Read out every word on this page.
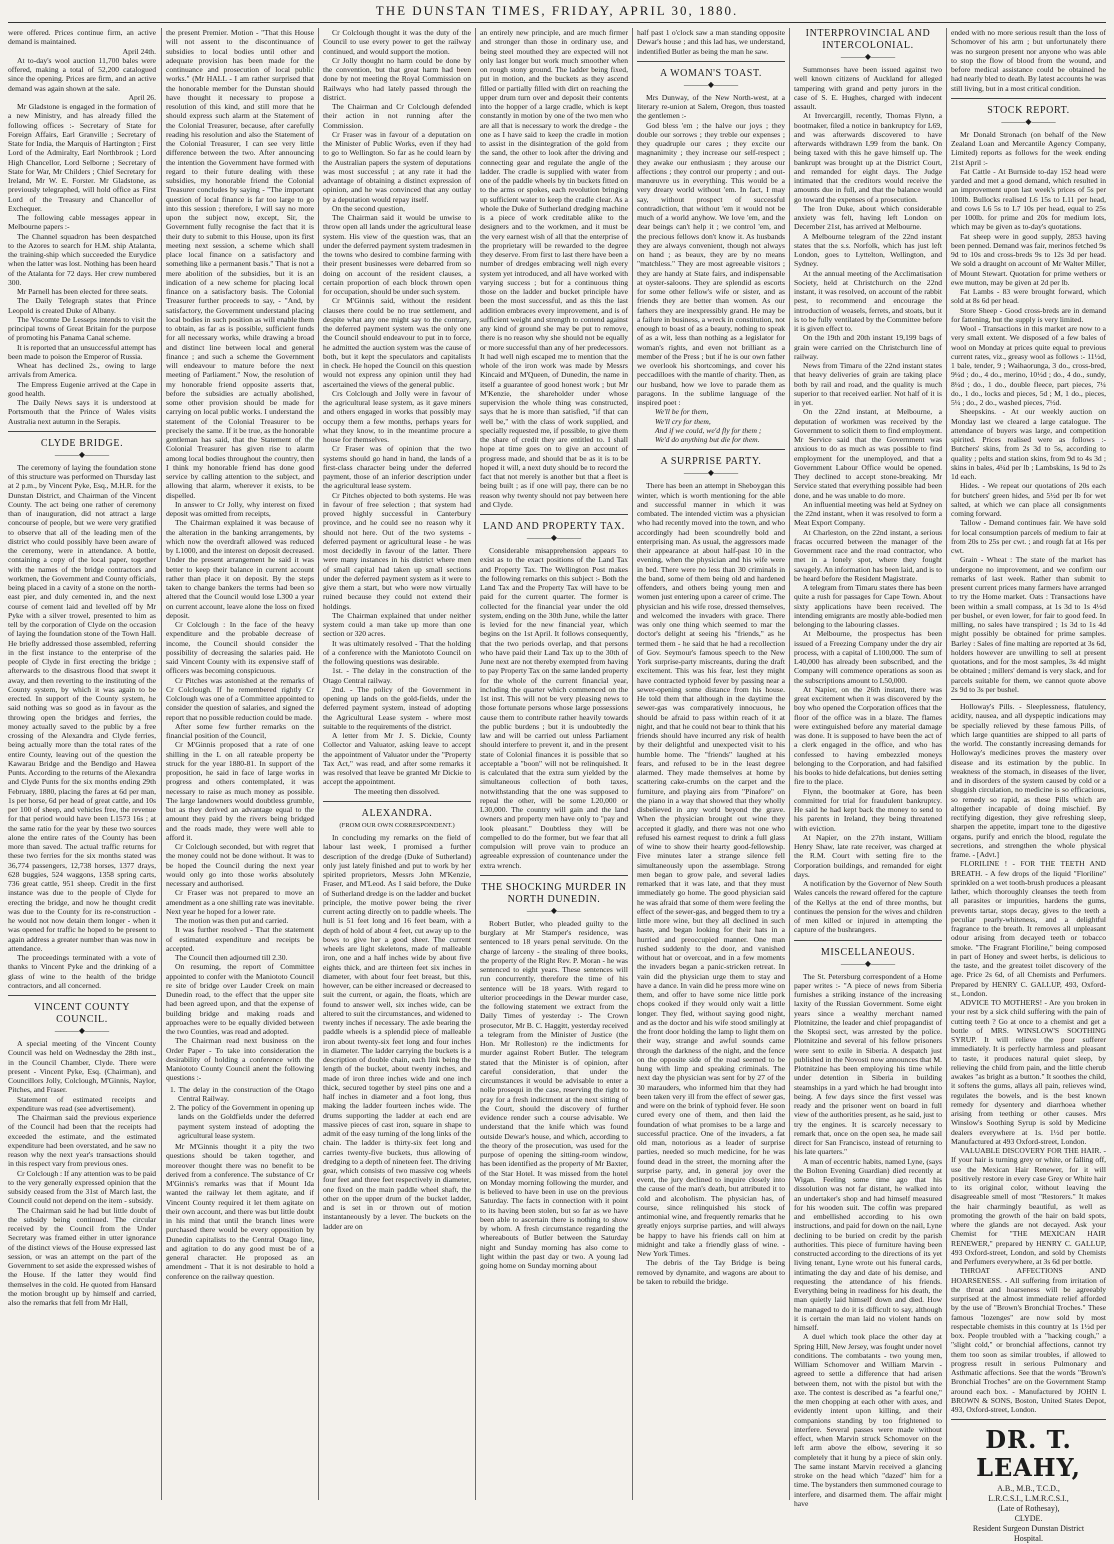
THE DUNSTAN TIMES, FRIDAY, APRIL 30, 1880.

were offered. Prices continue firm, an active demand is maintained.

April 24th.

At to-day's wool auction 11,700 bales were offered, making a total of 52,200 catalogued since the opening. Prices are firm, and an active demand was again shown at the sale.

April 26.

Mr Gladstone is engaged in the formation of a new Ministry, and has already filled the following offices :- Secretary of State for Foreign Affairs, Earl Granville ; Secretary of State for India, the Marquis of Hartington ; First Lord of the Admiralty, Earl Northbrook ; Lord High Chancellor, Lord Selborne ; Secretary of State for War, Mr Childers ; Chief Secretary for Ireland, Mr W. E. Forster. Mr Gladstone, as previously telegraphed, will hold office as First Lord of the Treasury and Chancellor of Exchequer.

The following cable messages appear in Melbourne papers :-

The Channel squadron has been despatched to the Azores to search for H.M. ship Atalanta, the training-ship which succeeded the Eurydice when the latter was lost. Nothing has been heard of the Atalanta for 72 days. Her crew numbered 300.

Mr Parnell has been elected for three seats.

The Daily Telegraph states that Prince Leopold is created Duke of Albany.

The Viscomte De Lesseps intends to visit the principal towns of Great Britain for the purpose of promoting his Panama Canal scheme.

It is reported that an unsuccessful attempt has been made to poison the Emperor of Russia.

Wheat has declined 2s., owing to large arrivals from America.

The Empress Eugenie arrived at the Cape in good health.

The Daily News says it is understood at Portsmouth that the Prince of Wales visits Australia next autumn in the Serapis.

CLYDE BRIDGE.
———◆———

The ceremony of laying the foundation stone of this structure was performed on Thursday last at 2 p.m., by Vincent Pyke, Esq., M.H.R. for the Dunstan District, and Chairman of the Vincent County. The act being one rather of ceremony than of inauguration, did not attract a large concourse of people, but we were very gratified to observe that all of the leading men of the district who could possibly have been aware of the ceremony, were in attendance. A bottle, containing a copy of the local paper, together with the names of the bridge contractors and workmen, the Government and County officials, being placed in a cavity of a stone on the north-east pier, and duly cemented in, and the next course of cement laid and levelled off by Mr Pyke with a silver trowel, presented to him as tell by the corporation of Clyde on the occasion of laying the foundation stone of the Town Hall. He briefly addressed those assembled, referring in the first instance to the enterprise of the people of Clyde in first erecting the bridge ; afterwards to the disastrous flood that swept it away, and then reverting to the instituting of the County system, by which it was again to be erected. In support of the County system, he said nothing was so good as in favour as the throwing open the bridges and ferries, the money actually saved to the public by a free crossing of the Alexandra and Clyde ferries, being actually more than the total rates of the entire County, leaving out of the question the Kawarau Bridge and the Bendigo and Hawea Punts. According to the returns of the Alexandra and Clyde Punts for the six months ending 29th February, 1880, placing the fares at 6d per man, 1s per horse, 6d per head of great cattle, and 10s per 100 of sheep, and vehicles free, the revenue for that period would have been L1573 16s ; at the same ratio for the year by these two sources alone the entire rates of the County has been more than saved. The actual traffic returns for these two ferries for the six months stated was 36,774 passengers, 12,738 horses, 1377 drays, 628 buggies, 524 waggons, 1358 spring carts, 736 great cattle, 951 sheep. Credit in the first instance was due to the people of Clyde for erecting the bridge, and now he thought credit was due to the County for its re-construction - he would not now detain them longer - when it was opened for traffic he hoped to be present to again address a greater number than was now in attendance.

The proceedings terminated with a vote of thanks to Vincent Pyke and the drinking of a glass of wine to the health of the bridge contractors, and all concerned.

VINCENT COUNTY COUNCIL.
———◆———

A special meeting of the Vincent County Council was held on Wednesday the 28th inst., in the Council Chamber, Clyde. There were present - Vincent Pyke, Esq. (Chairman), and Councillors Jolly, Colclough, M'Ginnis, Naylor, Pitches, and Fraser.

Statement of estimated receipts and expenditure was read (see advertisement).

The Chairman said the previous experience of the Council had been that the receipts had exceeded the estimate, and the estimated expenditure had been overstated, and he saw no reason why the next year's transactions should in this respect vary from previous ones.

Cr Colclough : If any attention was to be paid to the very generally expressed opinion that the subsidy ceased from the 31st of March last, the Council could not depend on the item - subsidy.

The Chairman said he had but little doubt of the subsidy being continued. The circular received by the Council from the Under Secretary was framed either in utter ignorance of the distinct views of the House expressed last session, or was an attempt on the part of the Government to set aside the expressed wishes of the House. If the latter they would find themselves in the cold. He quoted from Hansard the motion brought up by himself and carried, also the remarks that fell from Mr Hall,

the present Premier. Motion - "That this House will not assent to the discontinuance of subsidies to local bodies until other and adequate provision has been made for the continuance and prosecution of local public works." (Mr HALL - I am rather surprised that the honorable member for the Dunstan should have thought it necessary to propose a resolution of this kind, and still more that he should express such alarm at the Statement of the Colonial Treasurer, because, after carefully reading his resolution and also the Statement of the Colonial Treasurer, I can see very little difference between the two. After announcing the intention the Government have formed with regard to their future dealing with these subsidies, my honorable friend the Colonial Treasurer concludes by saying - "The important question of local finance is far too large to go into this session ; therefore, I will say no more upon the subject now, except, Sir, the Government fully recognise the fact that it is their duty to submit to this House, upon its first meeting next session, a scheme which shall place local finance on a satisfactory and something like a permanent basis." That is not a mere abolition of the subsidies, but it is an indication of a new scheme for placing local finance on a satisfactory basis. The Colonial Treasurer further proceeds to say, - "And, by satisfactory, the Government understand placing local bodies in such position as will enable them to obtain, as far as is possible, sufficient funds for all necessary works, while drawing a broad and distinct line between local and general finance ; and such a scheme the Government will endeavour to mature before the next meeting of Parliament." Now, the resolution of my honorable friend opposite asserts that, before the subsidies are actually abolished, some other provision should be made for carrying on local public works. I understand the statement of the Colonial Treasurer to be precisely the same. If it be true, as the honorable gentleman has said, that the Statement of the Colonial Treasurer has given rise to alarm among local bodies throughout the country, then I think my honorable friend has done good service by calling attention to the subject, and allowing that alarm, wherever it exists, to be dispelled.

In answer to Cr Jolly, why interest on fixed deposit was omitted from receipts,

The Chairman explained it was because of the alteration in the banking arrangements, by which now the overdraft allowed was reduced by L1000, and the interest on deposit decreased. Under the present arrangement he said it was better to keep their balance in current account rather than place it on deposit. By the steps taken to change bankers the terms had been so altered that the Council would lose L300 a year on current account, leave alone the loss on fixed deposit.

Cr Colclough : In the face of the heavy expenditure and the probable decrease of income, the Council should consider the possibility of decreasing the salaries paid. He said Vincent County with its expensive staff of officers was becoming conspicuous.

Cr Pitches was astonished at the remarks of Cr Colclough. If he remembered rightly Cr Colclough was one of a Committee appointed to consider the question of salaries, and signed the report that no possible reduction could be made.

After some few further remarks on the financial position of the Council,

Cr M'Ginnis proposed that a rate of one shilling in the L on all rateable property be struck for the year 1880-81. In support of the proposition, he said in face of large works in progress and others contemplated, it was necessary to raise as much money as possible. The large landowners would doubtless grumble, but as they derived an advantage equal to the amount they paid by the rivers being bridged and the roads made, they were well able to afford it.

Cr Colclough seconded, but with regret that the money could not be done without. It was to be hoped the Council during the next year would only go into those works absolutely necessary and authorised.

Cr Fraser was not prepared to move an amendment as a one shilling rate was inevitable. Next year he hoped for a lower rate.

The motion was then put and carried.

It was further resolved - That the statement of estimated expenditure and receipts be accepted.

The Council then adjourned till 2.30.

On resuming, the report of Committee appointed to confer with the Maniototo Council re site of bridge over Lauder Creek on main Dunedin road, to the effect that the upper site had been agreed upon, and that the expense of building bridge and making roads and approaches were to be equally divided between the two Counties, was read and adopted.

The Chairman read next business on the Order Paper - To take into consideration the desirability of holding a conference with the Maniototo County Council anent the following questions :-

1. The delay in the construction of the Otago Central Railway.
2. The policy of the Government in opening up lands on the Goldfields under the deferred payment system instead of adopting the agricultural lease system.

Mr M'Ginnis thought it a pity the two questions should be taken together, and moreover thought there was no benefit to be derived from a conference. The substance of Cr M'Ginnis's remarks was that if Mount Ida wanted the railway let them agitate, and if Vincent County required it let them agitate on their own account, and there was but little doubt in his mind that until the branch lines were purchased there would be every opposition by Dunedin capitalists to the Central Otago line, and agitation to do any good must be of a general character. He proposed as an amendment - That it is not desirable to hold a conference on the railway question.

Cr Colclough thought it was the duty of the Council to use every power to get the railway continued, and would support the motion.

Cr Jolly thought no harm could be done by the convention, but that great harm had been done by not meeting the Royal Commission on Railways who had lately passed through the district.

The Chairman and Cr Colclough defended their action in not running after the Commission.

Cr Fraser was in favour of a deputation on the Minister of Public Works, even if they had to go to Wellington. So far as he could learn by the Australian papers the system of deputations was most successful ; at any rate it had the advantage of obtaining a distinct expression of opinion, and he was convinced that any outlay by a deputation would repay itself.

On the second question,

The Chairman said it would be unwise to throw open all lands under the agricultural lease system. His view of the question was, that an under the deferred payment system tradesmen in the towns who desired to combine farming with their present businesses were debarred from so doing on account of the resident clauses, a certain proportion of each block thrown open for occupation, should be under such system.

Cr M'Ginnis said, without the resident clauses there could be no true settlement, and despite what any one might say to the contrary, the deferred payment system was the only one the Council should endeavour to put in to force, he admitted the auction system was the cause of both, but it kept the speculators and capitalists in check. He hoped the Council on this question would not express any opinion until they had ascertained the views of the general public.

Crs Colclough and Jolly were in favour of the agricultural lease system, as it gave miners and others engaged in works that possibly may occupy them a few months, perhaps years for what they know, to in the meantime procure a house for themselves.

Cr Fraser was of opinion that the two systems should go hand in hand, the lands of a first-class character being under the deferred payment, those of an inferior description under the agricultural lease system.

Cr Pitches objected to both systems. He was in favour of free selection ; that system had proved highly successful in Canterbury province, and he could see no reason why it should not here. Out of the two systems - deferred payment or agricultural lease - he was most decidedly in favour of the latter. There were many instances in his district where men of small capital had taken up small sections under the deferred payment system as it were to give them a start, but who were now virtually ruined because they could not extend their holdings.

The Chairman explained that under neither system could a man take up more than one section or 320 acres.

It was ultimately resolved - That the holding of a conference with the Maniototo Council on the following questions was desirable.

1st. - The delay in the construction of the Otago Central railway.

2nd. - The policy of the Government in opening up lands on the gold-fields, under the deferred payment system, instead of adopting the Agricultural Lease system - where most suitable to the requirements of the district.

A letter from Mr J. S. Dickie, County Collector and Valuator, asking leave to accept the appointment of Valuator under the "Property Tax Act," was read, and after some remarks it was resolved that leave be granted Mr Dickie to accept the appointment.

The meeting then dissolved.

ALEXANDRA.
(FROM OUR OWN CORRESPONDENT.)

In concluding my remarks on the field of labour last week, I promised a further description of the dredge (Duke of Sutherland) only just lately finished and put to work by her spirited proprietors, Messrs John M'Kenzie, Fraser, and M'Leod. As I said before, the Duke of Sutherland dredge is on the ladder and bucket principle, the motive power being the river current acting directly on to paddle wheels. The hull is 51 feet long and 16 feet beam, with a depth of hold of about 4 feet, cut away up to the bows to give her a good sheer. The current wheels are light skeletons, made of malleable iron, one and a half inches wide by about five eights thick, and are thirteen feet six inches in diameter, with about four feet breast, but this, however, can be either increased or decreased to suit the current, or again, the floats, which are found to answer well, six inches wide, can be altered to suit the circumstances, and widened to twenty inches if necessary. The axle bearing the paddle wheels is a splendid piece of malleable iron about twenty-six feet long and four inches in diameter. The ladder carrying the buckets is a description of double chain, each link being the length of the bucket, about twenty inches, and made of iron three inches wide and one inch thick, secured together by steel pins one and a half inches in diameter and a foot long, thus making the ladder fourteen inches wide. The drums supporting the ladder at each end are massive pieces of cast iron, square in shape to admit of the easy turning of the long links of the chain. The ladder is thirty-six feet long and carries twenty-five buckets, thus allowing of dredging to a depth of nineteen feet. The driving gear, which consists of two massive cog wheels four feet and three feet respectively in diameter, one fixed on the main paddle wheel shaft, the other on the upper drum of the bucket ladder, and is set in or thrown out of motion instantaneously by a lever. The buckets on the ladder are on

an entirely new principle, and are much firmer and stronger than those in ordinary use, and being steel mouthed they are expected will not only last longer but work much smoother when on rough stony ground. The ladder being fixed, put in motion, and the buckets as they ascend filled or partially filled with dirt on reaching the upper drum turn over and deposit their contents into the hopper of a large cradle, which is kept constantly in motion by one of the two men who are all that is necessary to work the dredge - the one as I have said to keep the cradle in motion to assist in the disintegration of the gold from the sand, the other to look after the driving and connecting gear and regulate the angle of the ladder. The cradle is supplied with water from one of the paddle wheels by tin buckets fitted on to the arms or spokes, each revolution bringing up sufficient water to keep the cradle clear. As a whole the Duke of Sutherland dredging machine is a piece of work creditable alike to the designers and to the workmen, and it must be the very earnest wish of all that the enterprise of the proprietary will be rewarded to the degree they deserve. From first to last there have been a number of dredges embracing well nigh every system yet introduced, and all have worked with varying success ; but for a continuous thing those on the ladder and bucket principle have been the most successful, and as this the last addition embraces every improvement, and is of sufficient weight and strength to contend against any kind of ground she may be put to remove, there is no reason why she should not be equally or more successful than any of her predecessors. It had well nigh escaped me to mention that the whole of the iron work was made by Messrs Kincaid and M'Queen, of Dunedin, the name in itself a guarantee of good honest work ; but Mr M'Kenzie, the shareholder under whose supervision the whole thing was constructed, says that he is more than satisfied, "if that can well be," with the class of work supplied, and specially requested me, if possible, to give them the share of credit they are entitled to. I shall hope at time goes on to give an account of progress made, and should that be as it is to be hoped it will, a next duty should be to record the fact that not merely is another but that a fleet is being built ; as if one will pay, there can be no reason why twenty should not pay between here and Clyde.

LAND AND PROPERTY TAX.
———◆———

Considerable misapprehension appears to exist as to the exact positions of the Land Tax and Property Tax. The Wellington Post makes the following remarks on this subject :- Both the Land Tax and the Property Tax will have to be paid for the current quarter. The former is collected for the financial year under the old system, ending on the 30th June, while the latter is levied for the new financial year, which begins on the 1st April. It follows consequently, that the two periods overlap, and that persons who have paid their Land Tax up to the 30th of June next are not thereby exempted from having to pay Property Tax on the same landed property for the whole of the current financial year, including the quarter which commenced on the 1st inst. This will not be very pleasing news to those fortunate persons whose large possessions cause them to contribute rather heavily towards the public burdens ; but it is undoubtedly the law and will be carried out unless Parliament should interfere to prevent it, and in the present state of Colonial finances it is possible that so acceptable a "boon" will not be relinquished. It is calculated that the extra sum yielded by the simultaneous collection of both taxes, notwithstanding that the one was supposed to repeal the other, will be some L20,000 or L30,000. The country will gain and the land owners and property men have only to "pay and look pleasant." Doubtless they will be compelled to do the former, but we fear that all compulsion will prove vain to produce an agreeable expression of countenance under the extra wrench.

THE SHOCKING MURDER IN NORTH DUNEDIN.
———◆———

Robert Butler, who pleaded guilty to the burglary at Mr Stamper's residence, was sentenced to 18 years penal servitude. On the charge of larceny - the stealing of three books, the property of the Right Rev. P. Moran - he was sentenced to eight years. These sentences will run concurrently, therefore the time of his sentence will be 18 years. With regard to ulterior proceedings in the Dewar murder case, the following statement we extract from the Daily Times of yesterday :- The Crown prosecutor, Mr B. C. Haggitt, yesterday received a telegram from the Minister of Justice (the Hon. Mr Rolleston) re the indictments for murder against Robert Butler. The telegram stated that the Minister is of opinion, after careful consideration, that under the circumstances it would be advisable to enter a nolle prosequi in the case, reserving the right to pray for a fresh indictment at the next sitting of the Court, should the discovery of further evidence render such a course advisable. We understand that the knife which was found outside Dewar's house, and which, according to the theory of the prosecution, was used for the purpose of opening the sitting-room window, has been identified as the property of Mr Baxter, of the Star Hotel. It was missed from the hotel on Monday morning following the murder, and is believed to have been in use on the previous Saturday. The facts in connection with it point to its having been stolen, but so far as we have been able to ascertain there is nothing to show by whom. A fresh circumstance regarding the whereabouts of Butler between the Saturday night and Sunday morning has also come to light within the past day or two. A young lad going home on Sunday morning about

half past 1 o'clock saw a man standing opposite Dewar's house ; and this lad has, we understand, indentified Butler as being the man he saw.

A WOMAN'S TOAST.
———◆———

Mrs Dunway, of the New North-west, at a literary re-union at Salem, Oregon, thus toasted the gentlemen :-

God bless 'em ; the halve our joys ; they double our sorrows ; they treble our expenses ; they quadruple our cares ; they excite our magnanimity ; they increase our self-respect ; they awake our enthusiasm ; they arouse our affections ; they control our property ; and out-manœuvre us in everything. This would be a very dreary world without 'em. In fact, I may say, without prospect of successful contradiction, that without 'em it would not be much of a world anyhow. We love 'em, and the dear beings can't help it ; we control 'em, and the precious fellows don't know it. As husbands they are always convenient, though not always on hand ; as beaux, they are by no means "matchless." They are most agreeable visitors ; they are handy at State fairs, and indispensable at oyster-saloons. They are splendid as escorts for some other fellow's wife or sister, and as friends they are better than women. As our fathers they are inexpressibly grand. He may be a failure in business, a wreck in constitution, not enough to boast of as a beauty, nothing to speak of as a wit, less than nothing as a legislator for woman's rights, and even not brilliant as a member of the Press ; but if he is our own father we overlook his shortcomings, and cover his peccadilloes with the mantle of charity. Then, as our husband, how we love to parade them as paragons. In the sublime language of the inspired poet :

We'll be for them,

We'll cry for them,

And if we could, we'd fly for them ;

We'd do anything but die for them.

A SURPRISE PARTY.
———◆———

There has been an attempt in Sheboygan this winter, which is worth mentioning for the able and successful manner in which it was combated. The intended victim was a physician who had recently moved into the town, and who accordingly had been scoundrelly bold and enterprising man. As usual, the aggressors made their appearance at about half-past 10 in the evening, when the physician and his wife were in bed. There were no less than 30 criminals in the band, some of them being old and hardened offenders, and others being young men and women just entering upon a career of crime. The physician and his wife rose, dressed themselves, and welcomed the invaders with grace. There was only one thing which seemed to mar the doctor's delight at seeing his "friends," as he termed them - he said that he had a recollection of Gov. Seymour's famous speech to the New York surprise-party miscreants, during the draft excitement. This was his fear, lest they might have contracted typhoid fever by passing near a sewer-opening some distance from his house. He told them that although in the daytime the sewer-gas was comparatively innocuous, he should be afraid to pass within reach of it at night, and that he could not bear to think that his friends should have incurred any risk of health by their delightful and unexpected visit to his humble home. The "friends" laughed at his fears, and refused to be in the least degree alarmed. They made themselves at home by scattering cake-crumbs on the carpet and the furniture, and playing airs from "Pinafore" on the piano in a way that showed that they wholly disbelieved in any world beyond the grave. When the physician brought out wine they accepted it gladly, and there was not one who refused his earnest request to drink a full glass of wine to show their hearty good-fellowship. Five minutes later a strange silence fell simultaneously upon the assemblage. Strong men began to grow pale, and several ladies remarked that it was late, and that they must immediately go home. The good physician said he was afraid that some of them were feeling the effect of the sewer-gas, and begged them to try a little more wine, but they all declined in such haste, and began looking for their hats in a hurried and preoccupied manner. One man rushed suddenly to the door, and vanished without hat or overcoat, and in a few moments the invaders began a panic-stricken retreat. In vain did the physician urge them to stay and have a dance. In vain did he press more wine on them, and offer to have some nice little pork chops cooked if they would only wait a little longer. They fled, without saying good night, and as the doctor and his wife stood smilingly at the front door holding the lamp to light them on their way, strange and awful sounds came through the darkness of the night, and the fence on the opposite side of the road seemed to be hung with limp and speaking criminals. The next day the physician was sent for by 27 of the 30 marauders, who informed him that they had been taken very ill from the effect of sewer gas, and were on the brink of typhoid fever. He soon cured every one of them, and then laid the foundation of what promises to be a large and successful practice. One of the invaders, a fat old man, notorious as a leader of surprise parties, needed so much medicine, for he was found dead in the street, the morning after the surprise party, and, in general joy over the event, the jury declined to inquire closely into the cause of the man's death, but attributed it to cold and alcoholism. The physician has, of course, since relinquished his stock of antimonial wine, and frequently remarks that he greatly enjoys surprise parties, and will always be happy to have his friends call on him at midnight and take a friendly glass of wine. - New York Times.

The debris of the Tay Bridge is being removed by dynamite, and wagons are about to be taken to rebuild the bridge.

INTERPROVINCIAL AND INTERCOLONIAL.
———◆———

Summonses have been issued against two well known citizens of Auckland for alleged tampering with grand and petty jurors in the case of S. E. Hughes, charged with indecent assault.

At Invercargill, recently, Thomas Flynn, a bootmaker, filed a notice in bankruptcy for L69, and was afterwards discovered to have afterwards withdrawn L99 from the bank. On being taxed with this he gave himself up. The bankrupt was brought up at the District Court, and remanded for eight days. The Judge intimated that the creditors would receive the amounts due in full, and that the balance would go toward the expenses of a prosecution.

The Iron Duke, about which considerable anxiety was felt, having left London on December 21st, has arrived at Melbourne.

A Melbourne telegram of the 22nd instant states that the s.s. Norfolk, which has just left London, goes to Lyttelton, Wellington, and Sydney.

At the annual meeting of the Acclimatisation Society, held at Christchurch on the 22nd instant, it was resolved, on account of the rabbit pest, to recommend and encourage the introduction of weasels, ferrets, and stoats, but it is to be fully ventilated by the Committee before it is given effect to.

On the 19th and 20th instant 19,199 bags of grain were carried on the Christchurch line of railway.

News from Timaru of the 22nd instant states that heavy deliveries of grain are taking place both by rail and road, and the quality is much superior to that received earlier. Not half of it is in yet.

On the 22nd instant, at Melbourne, a deputation of workmen was received by the Government to solicit them to find employment. Mr Service said that the Government was anxious to do as much as was possible to find employment for the unemployed, and that a Government Labour Office would be opened. They declined to accept stone-breaking. Mr Service stated that everything possible had been done, and he was unable to do more.

An influential meeting was held at Sydney on the 22nd instant, when it was resolved to form a Meat Export Company.

At Charleston, on the 22nd instant, a serious fracas occurred between the manager of the Government race and the road contractor, who met in a lonely spot, where they fought savagely. An information has been laid, and is to be heard before the Resident Magistrate.

A telegram from Timaru states there has been quite a rush for passages for Cape Town. About sixty applications have been received. The intending emigrants are mostly able-bodied men belonging to the labouring classes.

At Melbourne, the prospectus has been issued of a Freezing Company under the dry air process, with a capital of L100,000. The sum of L40,000 has already been subscribed, and the Company will commence operations as soon as the subscriptions amount to L50,000.

At Napier, on the 26th instant, there was great excitement when it was discovered by the boy who opened the Corporation offices that the floor of the office was in a blaze. The flames were extinguished before any material damage was done. It is supposed to have been the act of a clerk engaged in the office, and who has confessed to having embezzled moneys belonging to the Corporation, and had falsified his books to hide defalcations, but denies setting fire to the place.

Flynn, the bootmaker at Gore, has been committed for trial for fraudulent bankruptcy. He said he had kept back the money to send to his parents in Ireland, they being threatened with eviction.

At Napier, on the 27th instant, William Henry Shaw, late rate receiver, was charged at the R.M. Court with setting fire to the Corporation buildings, and remanded for eight days.

A notification by the Governor of New South Wales cancels the reward offered for the capture of the Kellys at the end of three months, but continues the pension for the wives and children of men killed or injured in attempting the capture of the bushrangers.

MISCELLANEOUS.
———◆———

The St. Petersburg correspondent of a Home paper writes :- "A piece of news from Siberia furnishes a striking instance of the increasing laxity of the Russian Government. Some eight years since a wealthy merchant named Plotnitzine, the leader and chief propagandist of the Skoptsi sect, was arrested by the police. Plotnitzine and several of his fellow prisoners were sent to exile in Siberia. A despatch just published in the Novosti now announces that M. Plotnitzine has been employing his time while under detention in Siberia in building steamships in a yard which he had brought into being. A few days since the first vessel was ready and the prisoner went on board in full view of the authorities present, as he said, just to try the engines. It is scarcely necessary to remark that, once on the open sea, he made sail direct for San Francisco, instead of returning to his late quarters."

A man of eccentric habits, named Lyne, (says the Bolton Evening Guardian) died recently at Wigan. Feeling some time ago that his dissolution was not far distant, he walked into an undertaker's shop and had himself measured for his wooden suit. The coffin was prepared and embellished according to his own instructions, and paid for down on the nail, Lyne declining to be buried on credit by the parish authorities. This piece of furniture having been constructed according to the directions of its yet living tenant, Lyne wrote out his funeral cards, intimating the day and date of his demise, and requesting the attendance of his friends. Everything being in readiness for his death, the man quietly laid himself down and died. How he managed to do it is difficult to say, although it is certain the man laid no violent hands on himself.

A duel which took place the other day at Spring Hill, New Jersey, was fought under novel conditions. The combatants - two young men, William Schomover and William Marvin - agreed to settle a difference that had arisen between them, not with the pistol but with the axe. The contest is described as "a fearful one," the men chopping at each other with axes, and evidently intent upon killing, and their companions standing by too frightened to interfere. Several passes were made without effect, when Marvin struck Schomover on the left arm above the elbow, severing it so completely that it hung by a piece of skin only. The same instant Marvin received a glancing stroke on the head which "dazed" him for a time. The bystanders then summoned courage to interfere, and disarmed them. The affair might have

ended with no more serious result than the loss of Schomover of his arm ; but unfortunately there was no surgeon present nor anyone who was able to stop the flow of blood from the wound, and before medical assistance could be obtained he had nearly bled to death. By latest accounts he was still living, but in a most critical condition.

STOCK REPORT.
———◆———

Mr Donald Stronach (on behalf of the New Zealand Loan and Mercantile Agency Company, Limited) reports as follows for the week ending 21st April :-

Fat Cattle - At Burnside to-day 152 head were yarded and met a good demand, which resulted in an improvement upon last week's prices of 5s per 100lb. Bullocks realised L6 15s to L11 per head, and cows L6 5s to L7 10s per head, equal to 25s per 100lb. for prime and 20s for medium lots, which may be given as to-day's quotations.

Fat sheep were in good supply, 2853 having been penned. Demand was fair, merinos fetched 9s 9d to 10s and cross-breds 9s to 12s 3d per head. We sold a draught on account of Mr Walter Miller, of Mount Stewart. Quotation for prime wethers or ewe mutton, may be given at 2d per lb.

Fat Lambs - 83 were brought forward, which sold at 8s 6d per head.

Store Sheep - Good cross-breds are in demand for fattening, but the supply is very limited.

Wool - Transactions in this market are now to a very small extent. We disposed of a few bales of wool on Monday at prices quite equal to previous current rates, viz., greasy wool as follows :- 11½d, 1 bale, tender, 9 ; Waihaorunga, 3 do., cross-bred, 9¼d ; do., 4 do., merino, 10½d ; do., 4 do., sundy, 8¼d ; do., 1 do., double fleece, part pieces, 7¼ do., 1 do., locks and pieces, 5d ; M, 1 do., pieces, 5¼ ; do., 2 do., washed pieces, 7½d.

Sheepskins. - At our weekly auction on Monday last we cleared a large catalogue. The attendance of buyers was large, and competition spirited. Prices realised were as follows :- Butchers' skins, from 2s 3d to 5s, according to quality ; pelts and station skins, from 9d to 4s 3d ; skins in bales, 4¼d per lb ; Lambskins, 1s 9d to 2s 1d each.

Hides. - We repeat our quotations of 20s each for butchers' green hides, and 5½d per lb for wet salted, at which we can place all consignments coming forward.

Tallow - Demand continues fair. We have sold for local consumption parcels of medium to fair at from 20s to 25s per cwt. ; and rough fat at 16s per cwt.

Grain - Wheat : The state of the market has undergone no improvement, and we confirm our remarks of last week. Rather than submit to present current prices many farmers have arranged to try the Home market. Oats : Transactions have been within a small compass, at 1s 3d to 1s 4½d per bushel, or even lower, for fair to good feed. In milling, no sales have transpired ; 1s 3d to 1s 4d might possibly be obtained for prime samples. Barley : Sales of fine malting are reported at 3s 6d, holders however are unwilling to sell at present quotations, and for the most samples, 3s 4d might be obtained ; millers' demand is very slack, and for parcels suitable for them, we cannot quote above 2s 9d to 3s per bushel.

Holloway's Pills. - Sleeplessness, flatulency, acidity, nausea, and all dyspeptic indications may be specially relieved by these famous Pills, of which large quantities are shipped to all parts of the world. The constantly increasing demands for Holloway's medicines proves the mastery over disease and its estimation by the public. In weakness of the stomach, in diseases of the liver, and in disorders of the system caused by cold or a sluggish circulation, no medicine is so efficacious, so remedy so rapid, as these Pills which are altogether incapable of doing mischief. By rectifying digestion, they give refreshing sleep, sharpen the appetite, impart tone to the digestive organs, purify and enrich the blood, regulate the secretions, and strengthen the whole physical frame. - [Advt.]

FLORILINE ! - FOR THE TEETH AND BREATH. - A few drops of the liquid "Floriline" sprinkled on a wet tooth-brush produces a pleasant lather, which thoroughly cleanses the teeth from all parasites or impurities, hardens the gums, prevents tartar, stops decay, gives to the teeth a peculiar pearly-whiteness, and a delightful fragrance to the breath. It removes all unpleasant odour arising from decayed teeth or tobacco smoke. "The Fragrant Floriline," being composed in part of Honey and sweet herbs, is delicious to the taste, and the greatest toilet discovery of the age. Price 2s 6d, of all Chemists and Perfumers. Prepared by HENRY C. GALLUP, 493, Oxford-st., London.

ADVICE TO MOTHERS! - Are you broken in your rest by a sick child suffering with the pain of cutting teeth ? Go at once to a chemist and get a bottle of MRS. WINSLOW'S SOOTHING SYRUP. It will relieve the poor sufferer immediately. It is perfectly harmless and pleasant to taste, it produces natural quiet sleep, by relieving the child from pain, and the little cherub awakes "as bright as a button." It soothes the child, it softens the gums, allays all pain, relieves wind, regulates the bowels, and is the best known remedy for dysentery and diarrhoea whether arising from teething or other causes. Mrs Winslow's Soothing Syrup is sold by Medicine dealers everywhere at 1s. 1½d per bottle. Manufactured at 493 Oxford-street, London.

VALUABLE DISCOVERY FOR THE HAIR. - If your hair is turning grey or white, or falling off, use the Mexican Hair Renewer, for it will positively restore in every case Grey or White hair to its original color, without leaving the disagreeable smell of most "Restorers." It makes the hair charmingly beautiful, as well as promoting the growth of the hair on bald spots, where the glands are not decayed. Ask your Chemist for "THE MEXICAN HAIR RENEWER," prepared by HENRY C. GALLUP, 493 Oxford-street, London, and sold by Chemists and Perfumers everywhere, at 3s 6d per bottle.

THROAT AFFECTIONS AND HOARSENESS. - All suffering from irritation of the throat and hoarseness will be agreeably surprised at the almost immediate relief afforded by the use of "Brown's Bronchial Troches." These famous "lozenges" are now sold by most respectable chemists in this country at 1s 1½d per box. People troubled with a "hacking cough," a "slight cold," or bronchial affections, cannot try them too soon as similar troubles, if allowed to progress result in serious Pulmonary and Asthmatic affections. See that the words "Brown's Bronchial Troches" are on the Government Stamp around each box. - Manufactured by JOHN I. BROWN & SONS, Boston, United States Depot, 493, Oxford-street, London.

DR. T. LEAHY,
A.B., M.B., T.C.D.,
L.R.C.S.I., L.M.R.C.S.I.,
(Late of Rothesay),
CLYDE.
Resident Surgeon Dunstan District
Hospital.
